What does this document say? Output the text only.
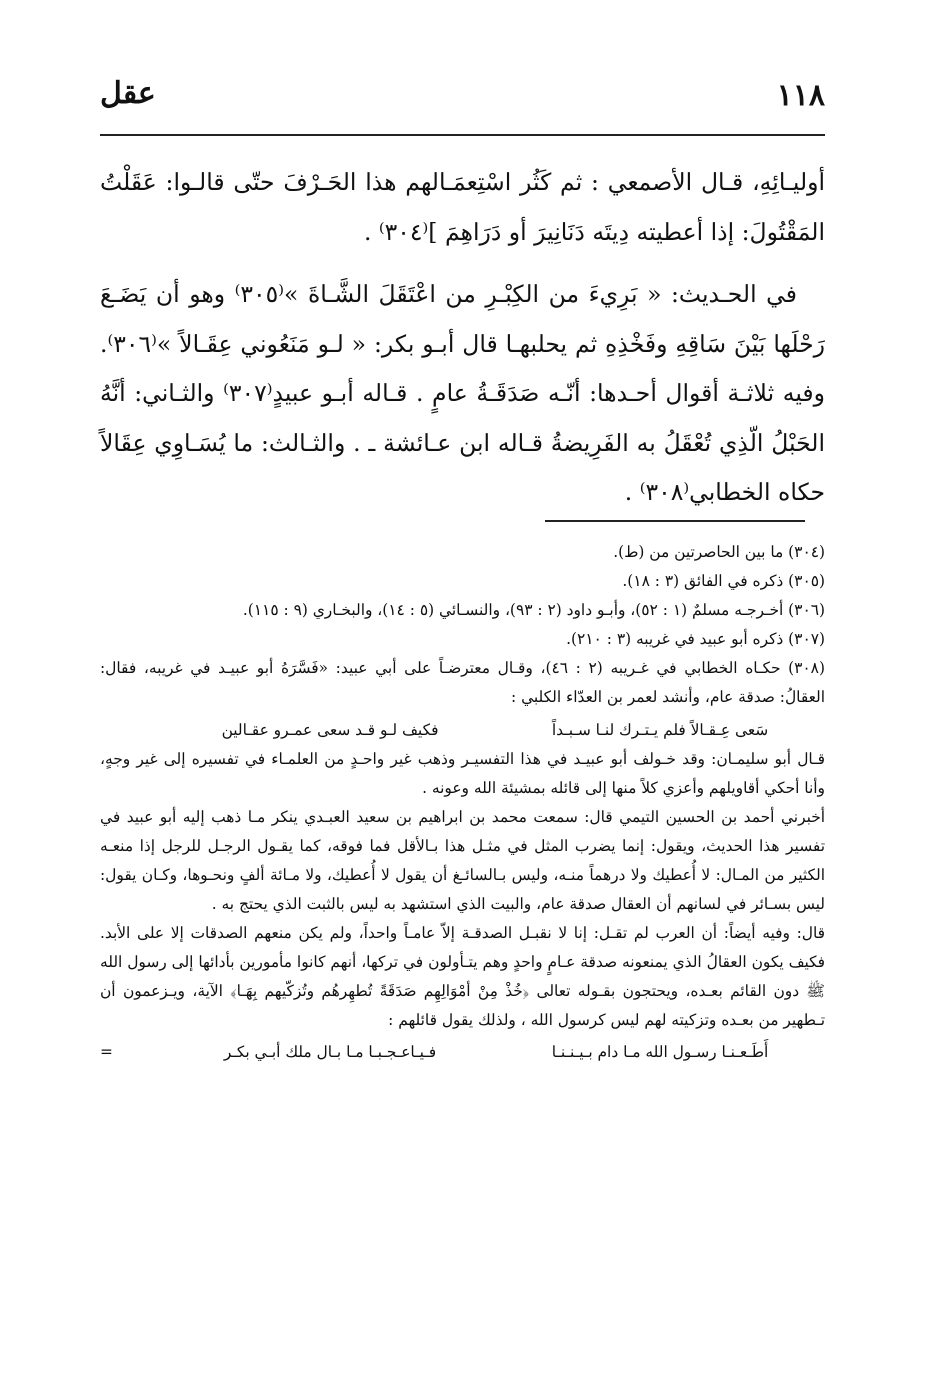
١١٨
عقل

أوليـائِهِ، قـال الأصمعي : ثم كَثُر اسْتِعمَـالهم هذا الحَـرْفَ حتّى قالـوا: عَقَلْتُ المَقْتُولَ: إذا أعطيته دِيتَه دَنَانِيرَ أو دَرَاهِمَ ]⁽٣٠٤⁾ .

في الحـديث: « بَرِيءَ من الكِبْـرِ من اعْتَقَلَ الشَّـاةَ »⁽٣٠٥⁾ وهو أن يَضَـعَ رَحْلَها بَيْنَ سَاقِهِ وفَخْذِهِ ثم يحلبهـا قال أبـو بكر: « لـو مَنَعُوني عِقَـالاً »⁽٣٠٦⁾. وفيه ثلاثـة أقوال أحـدها: أنّـه صَدَقَـةُ عامٍ . قـاله أبـو عبيدٍ⁽٣٠٧⁾ والثـاني: أنَّهُ الحَبْلُ الّذِي تُعْقَلُ به الفَرِيضةُ قـاله ابن عـائشة ـ . والثـالث: ما يُسَـاوِي عِقَالاً حكاه الخطابي⁽٣٠٨⁾ .

(٣٠٤) ما بين الحاصرتين من (ط).

(٣٠٥) ذكره في الفائق (٣ : ١٨).

(٣٠٦) أخـرجـه مسلمٌ (١ : ٥٢)، وأبـو داود (٢ : ٩٣)، والنسـائي (٥ : ١٤)، والبخـاري (٩ : ١١٥).

(٣٠٧) ذكره أبو عبيد في غريبه (٣ : ٢١٠).

(٣٠٨) حكـاه الخطابي في غـريبه (٢ : ٤٦)، وقـال معترضـاً على أبي عبيد: «فَسَّرَهُ أبو عبيـد في غريبه، فقال: العقالُ: صدقة عام، وأنشد لعمر بن العدّاء الكلبي :

سَعى عِـقـالاً فلم يـتـرك لنـا سـبـداً
فكيف لـو قـد سعى عمـرو عقـالين

قـال أبو سليمـان: وقد خـولف أبو عبيـد في هذا التفسيـر وذهب غير واحـدٍ من العلمـاء في تفسيره إلى غير وجهٍ، وأنا أحكي أقاويلهم وأعزي كلاً منها إلى قائله بمشيئة الله وعونه .

أخبرني أحمد بن الحسين التيمي قال: سمعت محمد بن ابراهيم بن سعيد العبـدي ينكر مـا ذهب إليه أبو عبيد في تفسير هذا الحديث، ويقول: إنما يضرب المثل في مثـل هذا بـالأقل فما فوقه، كما يقـول الرجـل للرجل إذا منعـه الكثير من المـال: لا أُعطيك ولا درهماً منـه، وليس بـالسائـغ أن يقول لا أُعطيك، ولا مـائة ألفٍ ونحـوها، وكـان يقول: ليس بسـائر في لسانهم أن العقال صدقة عام، والبيت الذي استشهد به ليس بالثبت الذي يحتج به .

قال: وفيه أيضاً: أن العرب لم تقـل: إنا لا نقبـل الصدقـة إلاّ عامـاً واحداً، ولم يكن منعهم الصدقات إلا على الأبد. فكيف يكون العقالُ الذي يمنعونه صدقة عـامٍ واحدٍ وهم يتـأولون في تركها، أنهم كانوا مأمورين بأدائها إلى رسول الله ﷺ دون القائم بعـده، ويحتجون بقـوله تعالى ﴿خُذْ مِنْ أمْوَالِهِم صَدَقَةً تُطهِرهُم وتُزكّيهم بِهَـا﴾ الآية، ويـزعمون أن تـطهير من بعـده وتزكيته لهم ليس كرسول الله ، ولذلك يقول قائلهم :

أَطَـعـنـا رسـول الله مـا دام بـيـنـنـا
فـيـاعـجـبـا مـا بـال ملك أبـي بكـر
=
